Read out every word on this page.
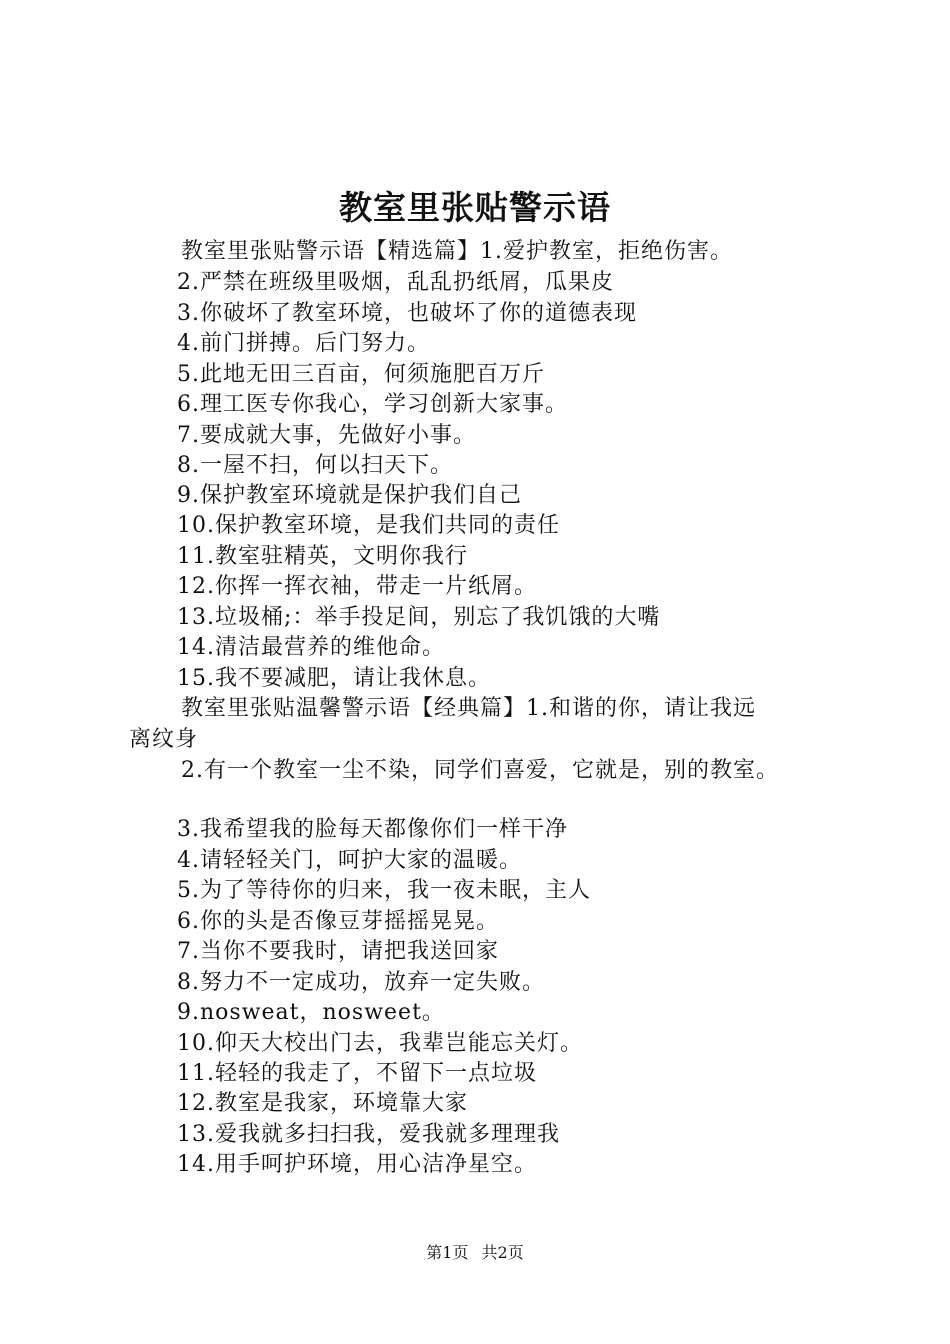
教室里张贴警示语
教室里张贴警示语【精选篇】1.爱护教室，拒绝伤害。
2.严禁在班级里吸烟，乱乱扔纸屑，瓜果皮
3.你破坏了教室环境，也破坏了你的道德表现
4.前门拼搏。后门努力。
5.此地无田三百亩，何须施肥百万斤
6.理工医专你我心，学习创新大家事。
7.要成就大事，先做好小事。
8.一屋不扫，何以扫天下。
9.保护教室环境就是保护我们自己
10.保护教室环境，是我们共同的责任
11.教室驻精英，文明你我行
12.你挥一挥衣袖，带走一片纸屑。
13.垃圾桶;：举手投足间，别忘了我饥饿的大嘴
14.清洁最营养的维他命。
15.我不要减肥，请让我休息。
教室里张贴温馨警示语【经典篇】1.和谐的你，请让我远
离纹身
2.有一个教室一尘不染，同学们喜爱，它就是，别的教室。
3.我希望我的脸每天都像你们一样干净
4.请轻轻关门，呵护大家的温暖。
5.为了等待你的归来，我一夜未眠，主人
6.你的头是否像豆芽摇摇晃晃。
7.当你不要我时，请把我送回家
8.努力不一定成功，放弃一定失败。
9.nosweat，nosweet。
10.仰天大校出门去，我辈岂能忘关灯。
11.轻轻的我走了，不留下一点垃圾
12.教室是我家，环境靠大家
13.爱我就多扫扫我，爱我就多理理我
14.用手呵护环境，用心洁净星空。
第1页 共2页
